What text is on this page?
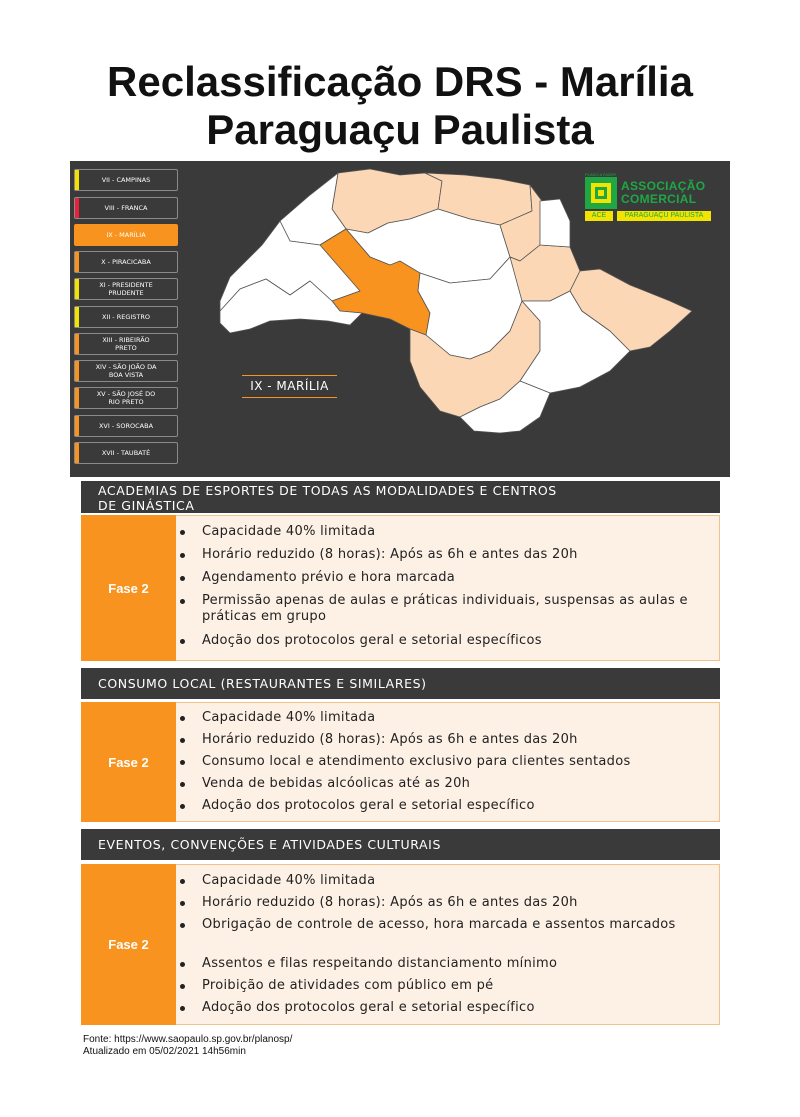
Reclassificação DRS - Marília
Paraguaçu Paulista
VII - CAMPINAS
VIII - FRANCA
IX - MARÍLIA
X - PIRACICABA
XI - PRESIDENTE PRUDENTE
XII - REGISTRO
XIII - RIBEIRÃO PRETO
XIV - SÃO JOÃO DA BOA VISTA
XV - SÃO JOSÉ DO RIO PRETO
XVI - SOROCABA
XVII - TAUBATÉ
IX - MARÍLIA
PLANO A FAZER
ASSOCIAÇÃO
COMERCIAL
ACE	PARAGUAÇU PAULISTA
ACADEMIAS DE ESPORTES DE TODAS AS MODALIDADES E CENTROS
DE GINÁSTICA
Fase 2
Capacidade 40% limitada
Horário reduzido (8 horas): Após as 6h e antes das 20h
Agendamento prévio e hora marcada
Permissão apenas de aulas e práticas individuais, suspensas as aulas e práticas em grupo
Adoção dos protocolos geral e setorial específicos
CONSUMO LOCAL (RESTAURANTES E SIMILARES)
Fase 2
Capacidade 40% limitada
Horário reduzido (8 horas): Após as 6h e antes das 20h
Consumo local e atendimento exclusivo para clientes sentados
Venda de bebidas alcóolicas até as 20h
Adoção dos protocolos geral e setorial específico
EVENTOS, CONVENÇÕES E ATIVIDADES CULTURAIS
Fase 2
Capacidade 40% limitada
Horário reduzido (8 horas): Após as 6h e antes das 20h
Obrigação de controle de acesso, hora marcada e assentos marcados
Assentos e filas respeitando distanciamento mínimo
Proibição de atividades com público em pé
Adoção dos protocolos geral e setorial específico
Fonte: https://www.saopaulo.sp.gov.br/planosp/
Atualizado em 05/02/2021 14h56min
